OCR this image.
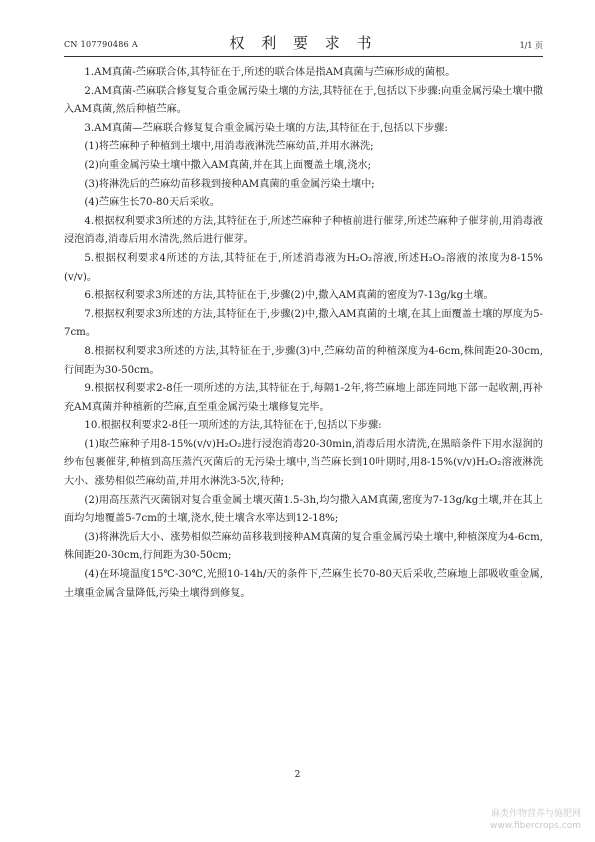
CN 107790486 A	权 利 要 求 书	1/1 页

1.AM真菌-苎麻联合体,其特征在于,所述的联合体是指AM真菌与苎麻形成的菌根。

2.AM真菌-苎麻联合修复复合重金属污染土壤的方法,其特征在于,包括以下步骤:向重金属污染土壤中撒入AM真菌,然后种植苎麻。

3.AM真菌—苎麻联合修复复合重金属污染土壤的方法,其特征在于,包括以下步骤:

(1)将苎麻种子种植到土壤中,用消毒液淋洗苎麻幼苗,并用水淋洗;

(2)向重金属污染土壤中撒入AM真菌,并在其上面覆盖土壤,浇水;

(3)将淋洗后的苎麻幼苗移栽到接种AM真菌的重金属污染土壤中;

(4)苎麻生长70-80天后采收。

4.根据权利要求3所述的方法,其特征在于,所述苎麻种子种植前进行催芽,所述苎麻种子催芽前,用消毒液浸泡消毒,消毒后用水清洗,然后进行催芽。

5.根据权利要求4所述的方法,其特征在于,所述消毒液为H₂O₂溶液,所述H₂O₂溶液的浓度为8-15%(v/v)。

6.根据权利要求3所述的方法,其特征在于,步骤(2)中,撒入AM真菌的密度为7-13g/kg土壤。

7.根据权利要求3所述的方法,其特征在于,步骤(2)中,撒入AM真菌的土壤,在其上面覆盖土壤的厚度为5-7cm。

8.根据权利要求3所述的方法,其特征在于,步骤(3)中,苎麻幼苗的种植深度为4-6cm,株间距20-30cm,行间距为30-50cm。

9.根据权利要求2-8任一项所述的方法,其特征在于,每隔1-2年,将苎麻地上部连同地下部一起收割,再补充AM真菌并种植新的苎麻,直至重金属污染土壤修复完毕。

10.根据权利要求2-8任一项所述的方法,其特征在于,包括以下步骤:

(1)取苎麻种子用8-15%(v/v)H₂O₂进行浸泡消毒20-30min,消毒后用水清洗,在黑暗条件下用水湿润的纱布包裹催芽,种植到高压蒸汽灭菌后的无污染土壤中,当苎麻长到10叶期时,用8-15%(v/v)H₂O₂溶液淋洗大小、涨势相似苎麻幼苗,并用水淋洗3-5次,待种;

(2)用高压蒸汽灭菌锅对复合重金属土壤灭菌1.5-3h,均匀撒入AM真菌,密度为7-13g/kg土壤,并在其上面均匀地覆盖5-7cm的土壤,浇水,使土壤含水率达到12-18%;

(3)将淋洗后大小、涨势相似苎麻幼苗移栽到接种AM真菌的复合重金属污染土壤中,种植深度为4-6cm,株间距20-30cm,行间距为30-50cm;

(4)在环境温度15℃-30℃,光照10-14h/天的条件下,苎麻生长70-80天后采收,苎麻地上部吸收重金属,土壤重金属含量降低,污染土壤得到修复。

2
麻类作物营养与施肥网
www.fibercrops.com
